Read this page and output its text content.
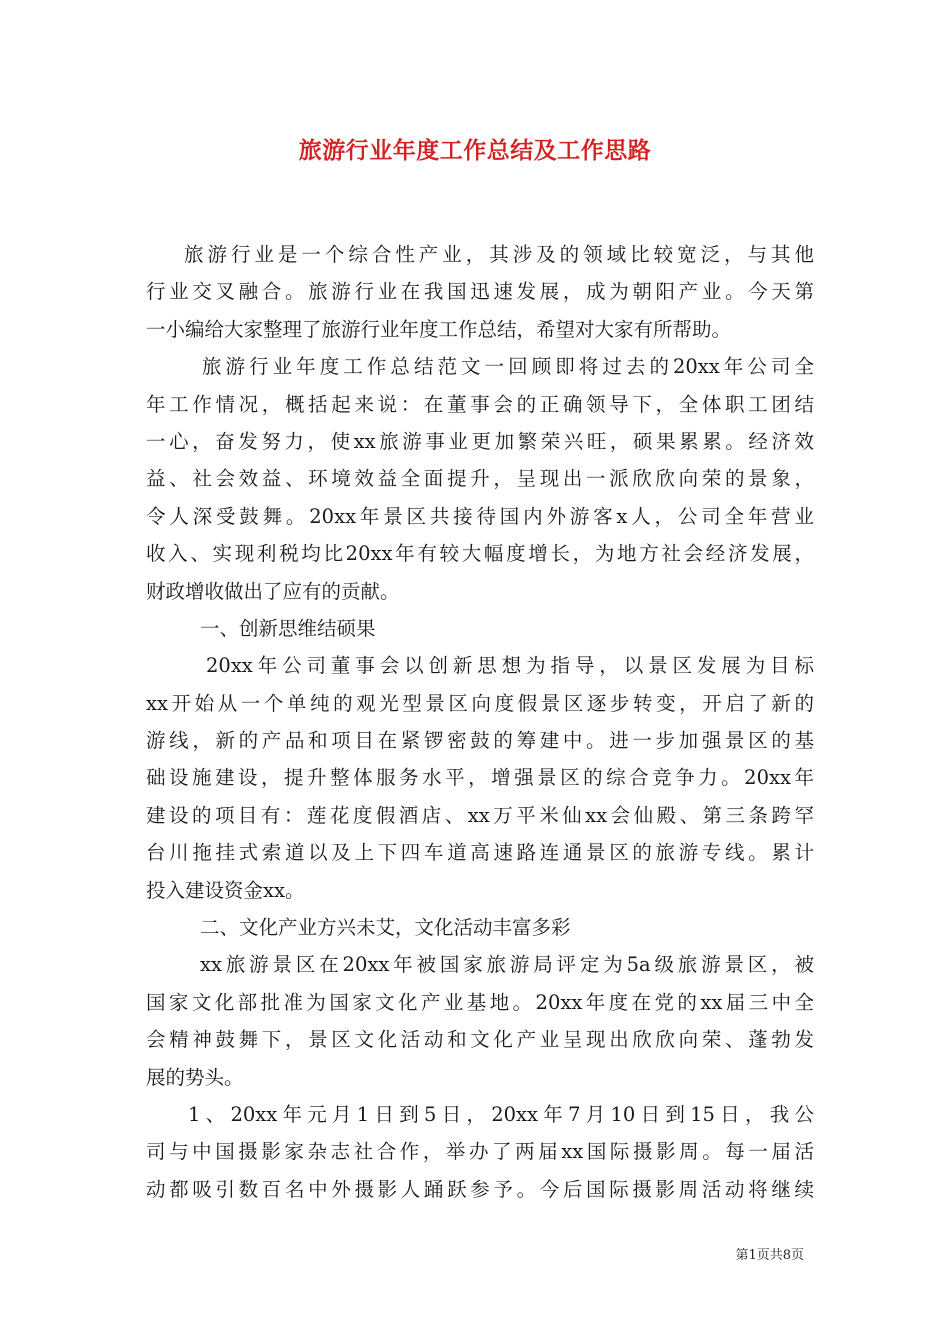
旅游行业年度工作总结及工作思路
旅游行业是一个综合性产业，其涉及的领域比较宽泛，与其他
行业交叉融合。旅游行业在我国迅速发展，成为朝阳产业。今天第
一小编给大家整理了旅游行业年度工作总结，希望对大家有所帮助。
旅游行业年度工作总结范文一回顾即将过去的20xx年公司全
年工作情况，概括起来说：在董事会的正确领导下，全体职工团结
一心，奋发努力，使xx旅游事业更加繁荣兴旺，硕果累累。经济效
益、社会效益、环境效益全面提升，呈现出一派欣欣向荣的景象，
令人深受鼓舞。20xx年景区共接待国内外游客x人，公司全年营业
收入、实现利税均比20xx年有较大幅度增长，为地方社会经济发展，
财政增收做出了应有的贡献。
一、创新思维结硕果
20xx年公司董事会以创新思想为指导，以景区发展为目标
xx开始从一个单纯的观光型景区向度假景区逐步转变，开启了新的
游线，新的产品和项目在紧锣密鼓的筹建中。进一步加强景区的基
础设施建设，提升整体服务水平，增强景区的综合竞争力。20xx年
建设的项目有：莲花度假酒店、xx万平米仙xx会仙殿、第三条跨罕
台川拖挂式索道以及上下四车道高速路连通景区的旅游专线。累计
投入建设资金xx。
二、文化产业方兴未艾，文化活动丰富多彩
xx旅游景区在20xx年被国家旅游局评定为5a级旅游景区，被
国家文化部批准为国家文化产业基地。20xx年度在党的xx届三中全
会精神鼓舞下，景区文化活动和文化产业呈现出欣欣向荣、蓬勃发
展的势头。
1、20xx年元月1日到5日，20xx年7月10日到15日，我公
司与中国摄影家杂志社合作，举办了两届xx国际摄影周。每一届活
动都吸引数百名中外摄影人踊跃参予。今后国际摄影周活动将继续
第1页共8页
